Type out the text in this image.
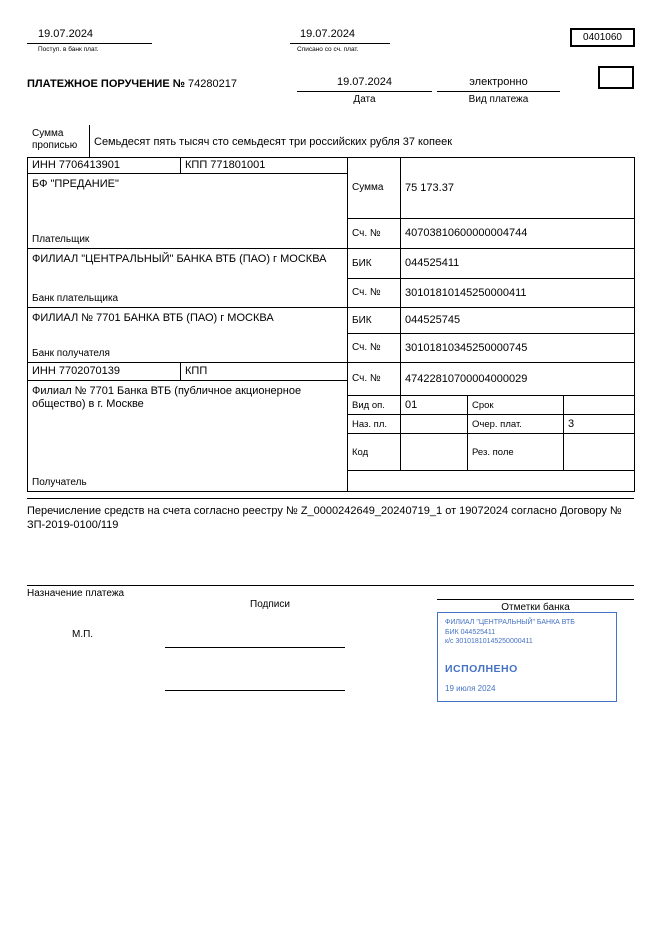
19.07.2024
Поступ. в банк плат.
19.07.2024
Списано со сч. плат.
0401060
ПЛАТЕЖНОЕ ПОРУЧЕНИЕ № 74280217	19.07.2024
Дата
электронно
Вид платежа
Сумма прописью	Семьдесят пять тысяч сто семьдесят три российских рубля 37 копеек
ИНН 7706413901	КПП 771801001
БФ "ПРЕДАНИЕ"
Плательщик
ФИЛИАЛ "ЦЕНТРАЛЬНЫЙ" БАНКА ВТБ (ПАО) г МОСКВА
Банк плательщика
ФИЛИАЛ № 7701 БАНКА ВТБ (ПАО) г МОСКВА
Банк получателя
ИНН 7702070139	КПП
Филиал № 7701 Банка ВТБ (публичное акционерное общество) в г. Москве
Получатель
Сумма 75 173.37
Сч. № 40703810600000004744
БИК	044525411
Сч. № 30101810145250000411
БИК	044525745
Сч. № 30101810345250000745
Сч. № 47422810700004000029
Вид оп. 01	Срок
Наз. пл.	Очер. плат.	3
Код	Рез. поле
Перечисление средств на счета согласно реестру № Z_0000242649_20240719_1 от 19072024 согласно Договору № ЗП-2019-0100/119
Назначение платежа
Подписи	Отметки банка
М.П.
ФИЛИАЛ "ЦЕНТРАЛЬНЫЙ" БАНКА ВТБ
БИК 044525411
к/с 30101810145250000411
ИСПОЛНЕНО
19 июля 2024
